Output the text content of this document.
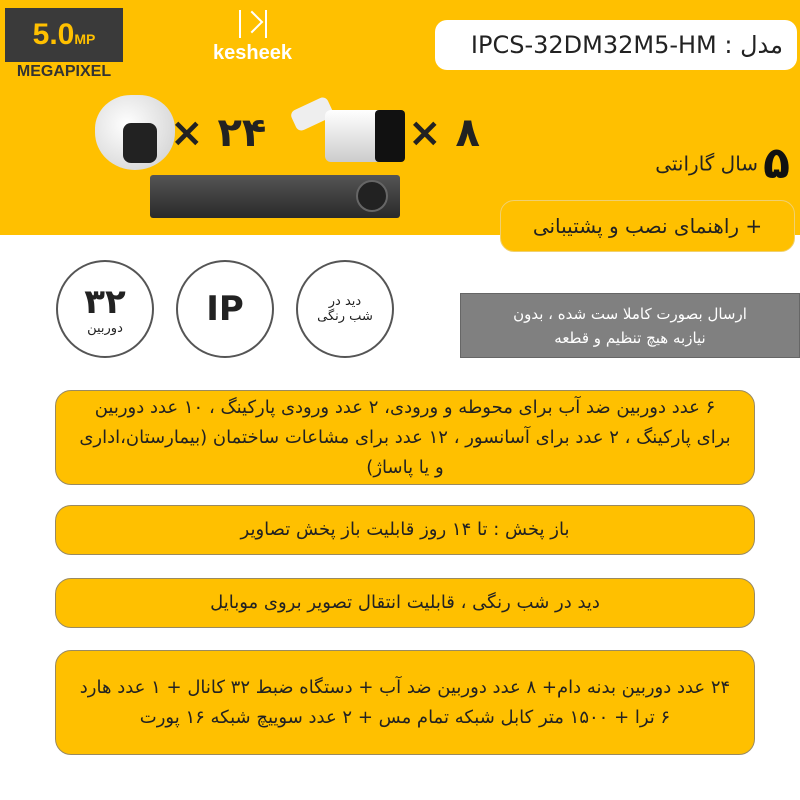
5.0MP
MEGAPIXEL
kesheek	مدل : IPCS-32DM32M5-HM
× ۲۴	× ۸
۵ سال گارانتی
+ راهنمای نصب و پشتیبانی
۳۲
دوربین IP	دید در شب رنگی	ارسال بصورت کاملا ست شده ، بدون
نیازبه هیچ تنظیم و قطعه
۶ عدد دوربین ضد آب برای محوطه و ورودی، ۲ عدد ورودی پارکینگ ، ۱۰ عدد دوربین برای پارکینگ ، ۲ عدد برای آسانسور ، ۱۲ عدد برای مشاعات ساختمان (بیمارستان،اداری و یا پاساژ)
باز پخش : تا ۱۴ روز قابلیت باز پخش تصاویر
دید در شب رنگی ، قابلیت انتقال تصویر بروی موبایل
۲۴ عدد دوربین بدنه دام+ ۸ عدد دوربین ضد آب + دستگاه ضبط ۳۲ کانال + ۱ عدد هارد ۶ ترا + ۱۵۰۰ متر کابل شبکه تمام مس + ۲ عدد سوییچ شبکه ۱۶ پورت
